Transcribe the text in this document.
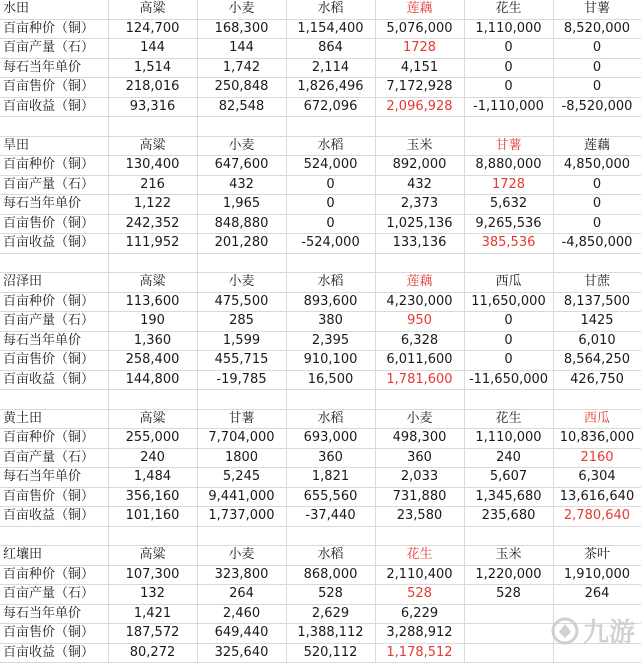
水田	高粱	小麦	水稻	莲藕	花生	甘薯
百亩种价（铜）	124,700	168,300	1,154,400	5,076,000	1,110,000	8,520,000
百亩产量（石）	144	144	864	1728	0	0
每石当年单价	1,514	1,742	2,114	4,151	0	0
百亩售价（铜）	218,016	250,848	1,826,496	7,172,928	0	0
百亩收益（铜）	93,316	82,548	672,096	2,096,928	-1,110,000	-8,520,000

旱田	高粱	小麦	水稻	玉米	甘薯	莲藕
百亩种价（铜）	130,400	647,600	524,000	892,000	8,880,000	4,850,000
百亩产量（石）	216	432	0	432	1728	0
每石当年单价	1,122	1,965	0	2,373	5,632	0
百亩售价（铜）	242,352	848,880	0	1,025,136	9,265,536	0
百亩收益（铜）	111,952	201,280	-524,000	133,136	385,536	-4,850,000

沼泽田	高粱	小麦	水稻	莲藕	西瓜	甘蔗
百亩种价（铜）	113,600	475,500	893,600	4,230,000	11,650,000	8,137,500
百亩产量（石）	190	285	380	950	0	1425
每石当年单价	1,360	1,599	2,395	6,328	0	6,010
百亩售价（铜）	258,400	455,715	910,100	6,011,600	0	8,564,250
百亩收益（铜）	144,800	-19,785	16,500	1,781,600	-11,650,000	426,750

黄土田	高粱	甘薯	水稻	小麦	花生	西瓜
百亩种价（铜）	255,000	7,704,000	693,000	498,300	1,110,000	10,836,000
百亩产量（石）	240	1800	360	360	240	2160
每石当年单价	1,484	5,245	1,821	2,033	5,607	6,304
百亩售价（铜）	356,160	9,441,000	655,560	731,880	1,345,680	13,616,640
百亩收益（铜）	101,160	1,737,000	-37,440	23,580	235,680	2,780,640

红壤田	高粱	小麦	水稻	花生	玉米	茶叶
百亩种价（铜）	107,300	323,800	868,000	2,110,400	1,220,000	1,910,000
百亩产量（石）	132	264	528	528	528	264
每石当年单价	1,421	2,460	2,629	6,229		
百亩售价（铜）	187,572	649,440	1,388,112	3,288,912		
百亩收益（铜）	80,272	325,640	520,112	1,178,512		
九游
